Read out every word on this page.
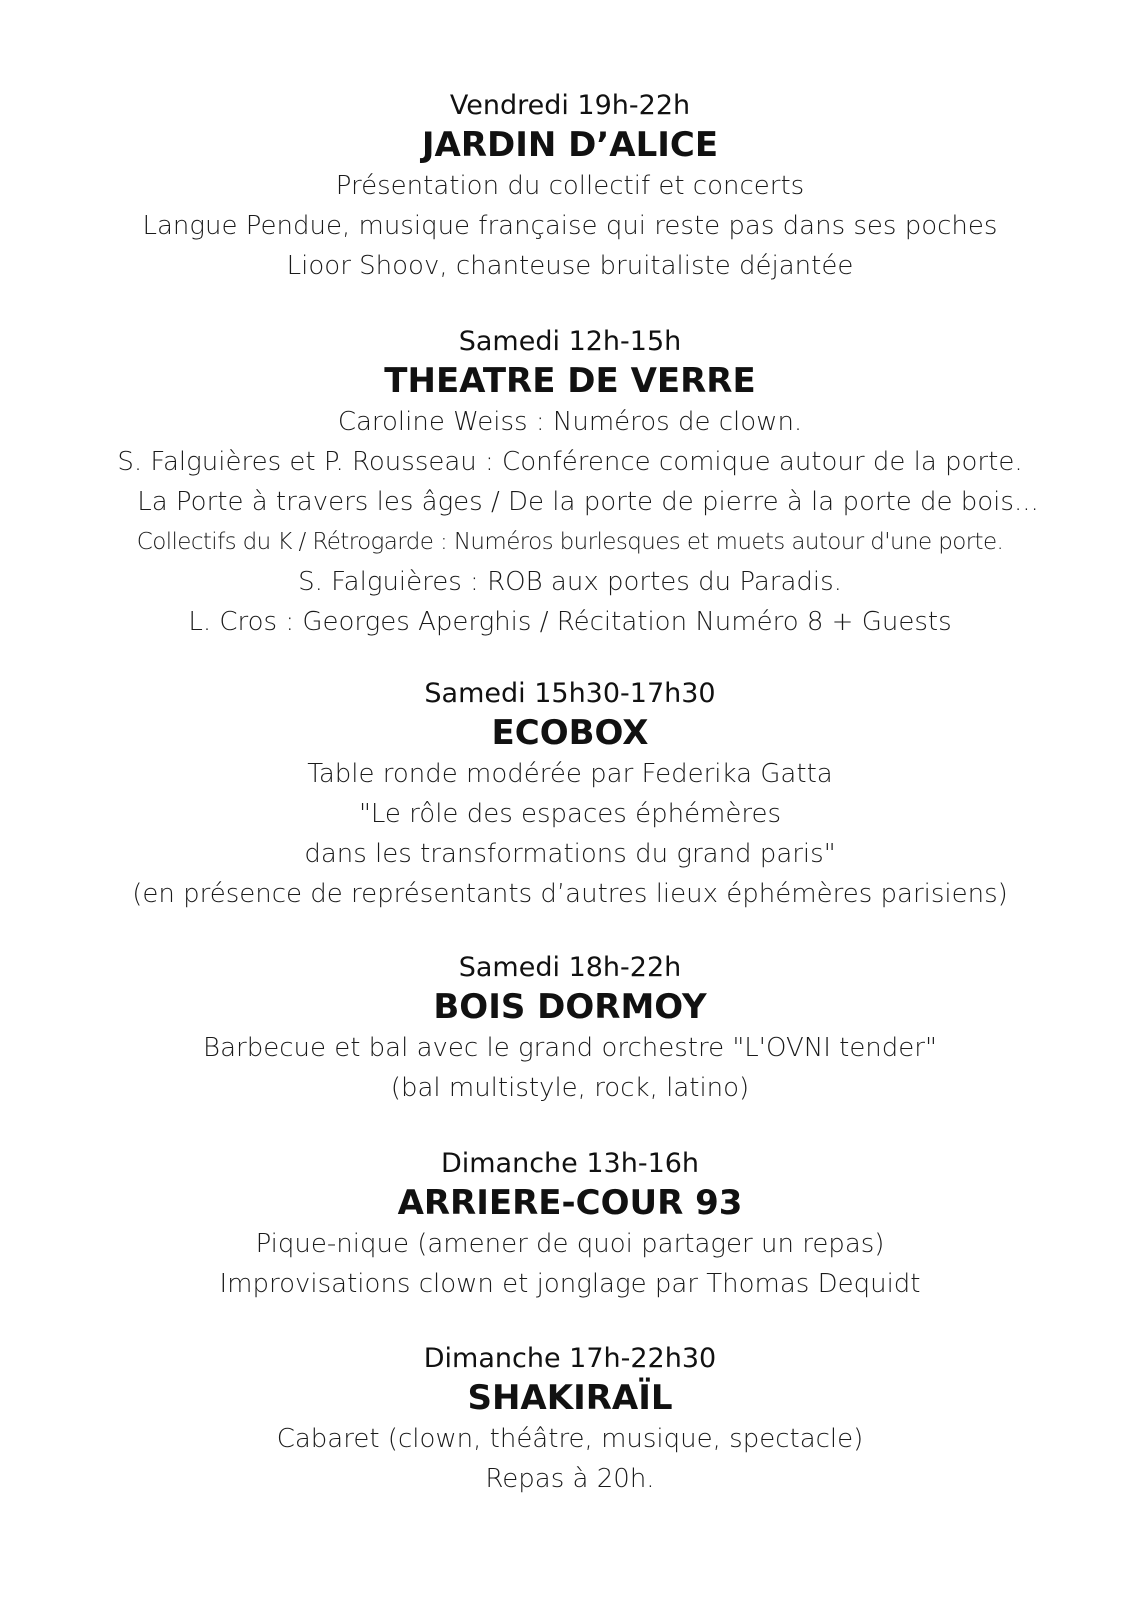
Vendredi 19h-22h
JARDIN D’ALICE
Présentation du collectif et concerts
Langue Pendue, musique française qui reste pas dans ses poches
Lioor Shoov, chanteuse bruitaliste déjantée
Samedi 12h-15h
THEATRE DE VERRE
Caroline Weiss : Numéros de clown.
S. Falguières et P. Rousseau : Conférence comique autour de la porte.
La Porte à travers les âges / De la porte de pierre à la porte de bois...
Collectifs du K / Rétrogarde : Numéros burlesques et muets autour d'une porte.
S. Falguières : ROB aux portes du Paradis.
L. Cros : Georges Aperghis / Récitation Numéro 8 + Guests
Samedi 15h30-17h30
ECOBOX
Table ronde modérée par Federika Gatta
"Le rôle des espaces éphémères
dans les transformations du grand paris"
(en présence de représentants d’autres lieux éphémères parisiens)
Samedi 18h-22h
BOIS DORMOY
Barbecue et bal avec le grand orchestre "L'OVNI tender"
(bal multistyle, rock, latino)
Dimanche 13h-16h
ARRIERE-COUR 93
Pique-nique (amener de quoi partager un repas)
Improvisations clown et jonglage par Thomas Dequidt
Dimanche 17h-22h30
SHAKIRAÏL
Cabaret (clown, théâtre, musique, spectacle)
Repas à 20h.
